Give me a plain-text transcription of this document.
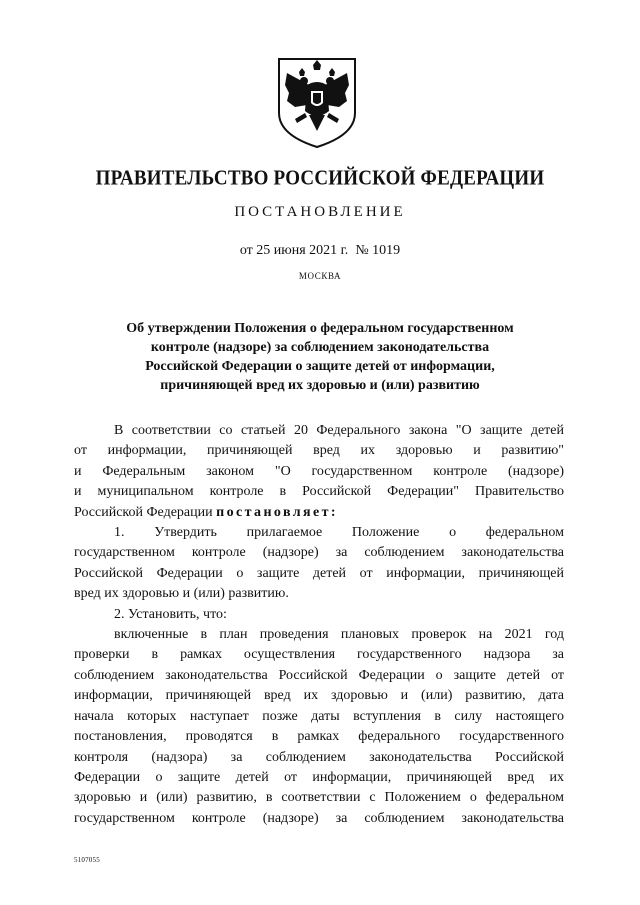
ПРАВИТЕЛЬСТВО РОССИЙСКОЙ ФЕДЕРАЦИИ
ПОСТАНОВЛЕНИЕ
от 25 июня 2021 г. № 1019
МОСКВА
Об утверждении Положения о федеральном государственном
контроле (надзоре) за соблюдением законодательства
Российской Федерации о защите детей от информации,
причиняющей вред их здоровью и (или) развитию

В соответствии со статьей 20 Федерального закона "О защите детей

от информации, причиняющей вред их здоровью и развитию"

и Федеральным законом "О государственном контроле (надзоре)

и муниципальном контроле в Российской Федерации" Правительство

Российской Федерации постановляет:

1. Утвердить прилагаемое Положение о федеральном

государственном контроле (надзоре) за соблюдением законодательства

Российской Федерации о защите детей от информации, причиняющей

вред их здоровью и (или) развитию.

2. Установить, что:

включенные в план проведения плановых проверок на 2021 год

проверки в рамках осуществления государственного надзора за

соблюдением законодательства Российской Федерации о защите детей от

информации, причиняющей вред их здоровью и (или) развитию, дата

начала которых наступает позже даты вступления в силу настоящего

постановления, проводятся в рамках федерального государственного

контроля (надзора) за соблюдением законодательства Российской

Федерации о защите детей от информации, причиняющей вред их

здоровью и (или) развитию, в соответствии с Положением о федеральном

государственном контроле (надзоре) за соблюдением законодательства

5107055
